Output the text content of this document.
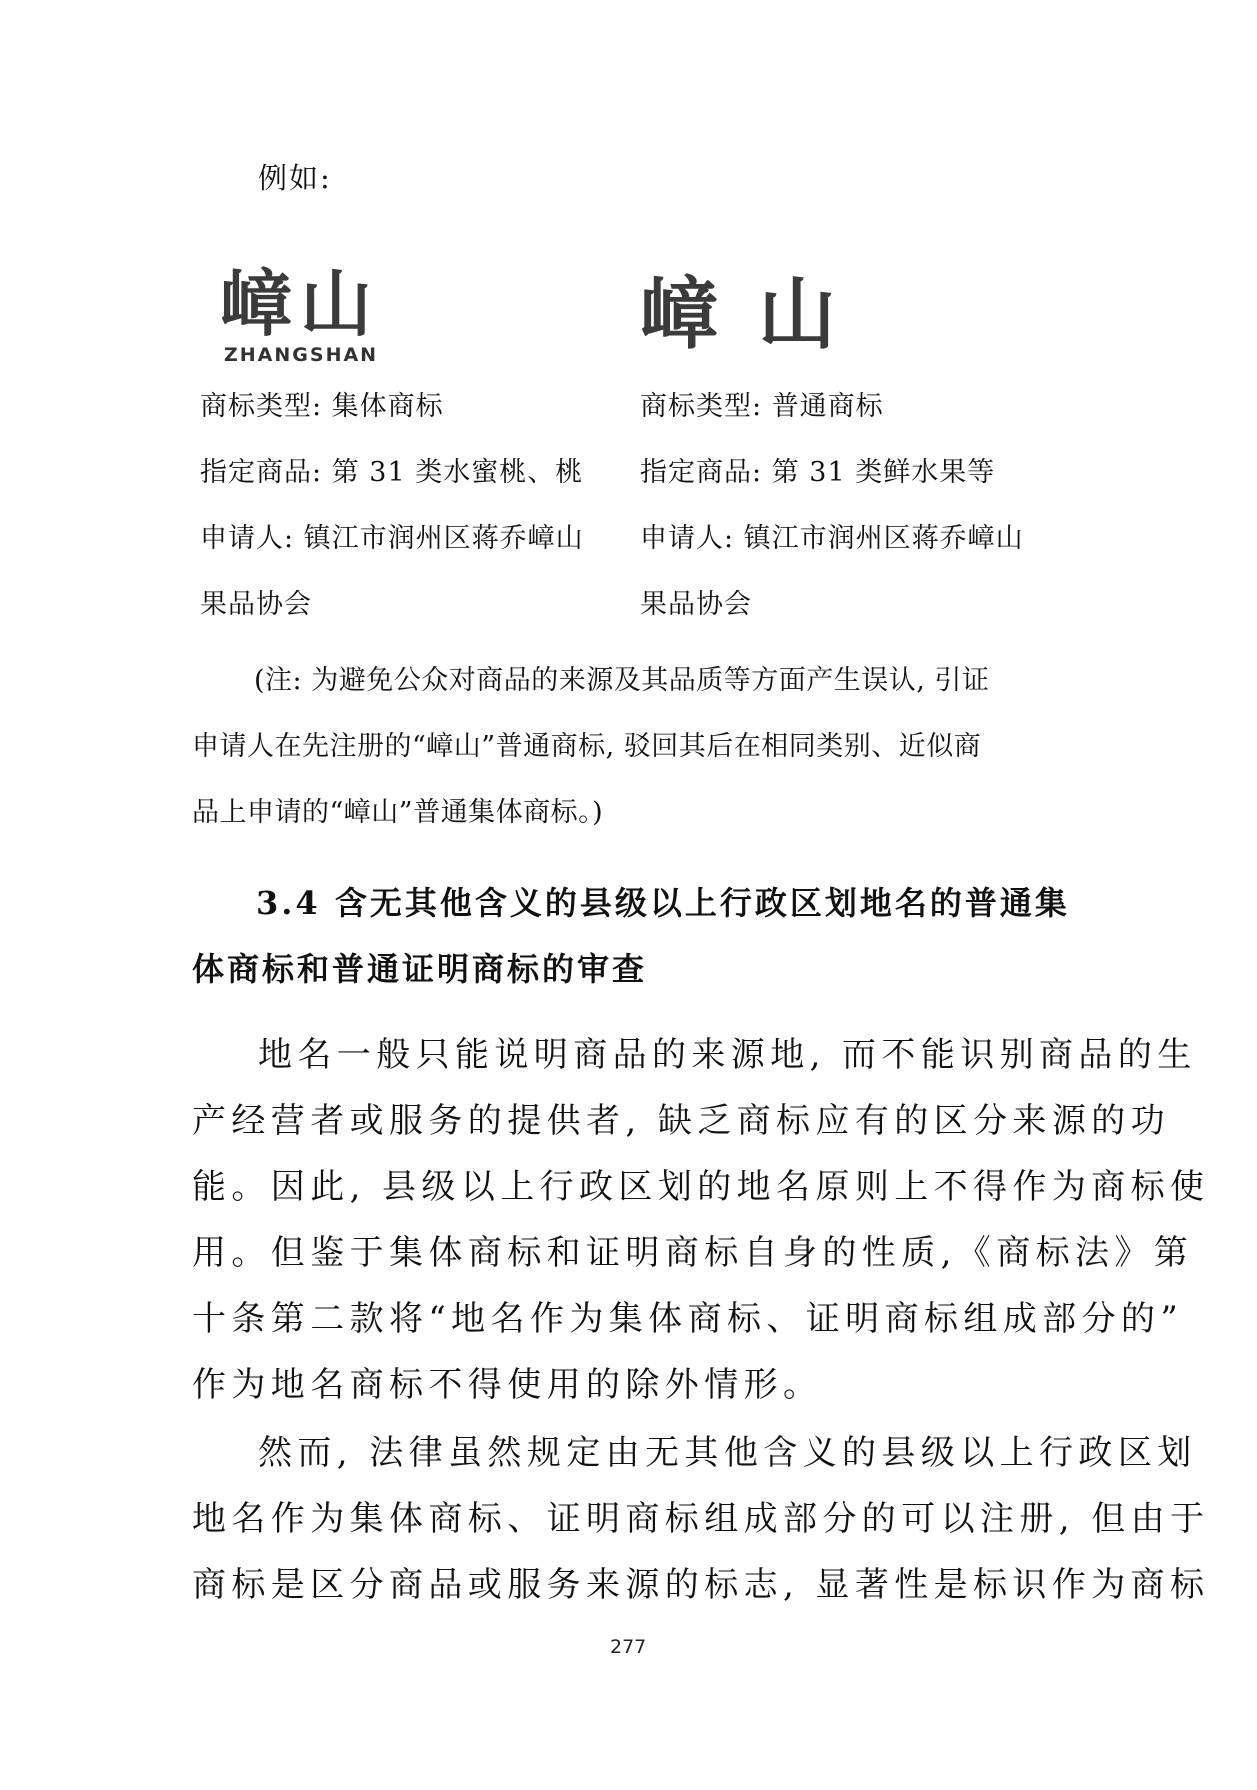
例如:
嶂山
ZHANGSHAN	嶂山
商标类型: 集体商标
指定商品: 第 31 类水蜜桃、桃
申请人: 镇江市润州区蒋乔嶂山
果品协会
商标类型: 普通商标
指定商品: 第 31 类鲜水果等
申请人: 镇江市润州区蒋乔嶂山
果品协会
(注: 为避免公众对商品的来源及其品质等方面产生误认, 引证
申请人在先注册的“嶂山”普通商标, 驳回其后在相同类别、近似商
品上申请的“嶂山”普通集体商标。)
3.4 含无其他含义的县级以上行政区划地名的普通集
体商标和普通证明商标的审查
地名一般只能说明商品的来源地, 而不能识别商品的生
产经营者或服务的提供者, 缺乏商标应有的区分来源的功
能。因此, 县级以上行政区划的地名原则上不得作为商标使
用。但鉴于集体商标和证明商标自身的性质,《商标法》第
十条第二款将“地名作为集体商标、证明商标组成部分的”
作为地名商标不得使用的除外情形。
然而, 法律虽然规定由无其他含义的县级以上行政区划
地名作为集体商标、证明商标组成部分的可以注册, 但由于
商标是区分商品或服务来源的标志, 显著性是标识作为商标
277
